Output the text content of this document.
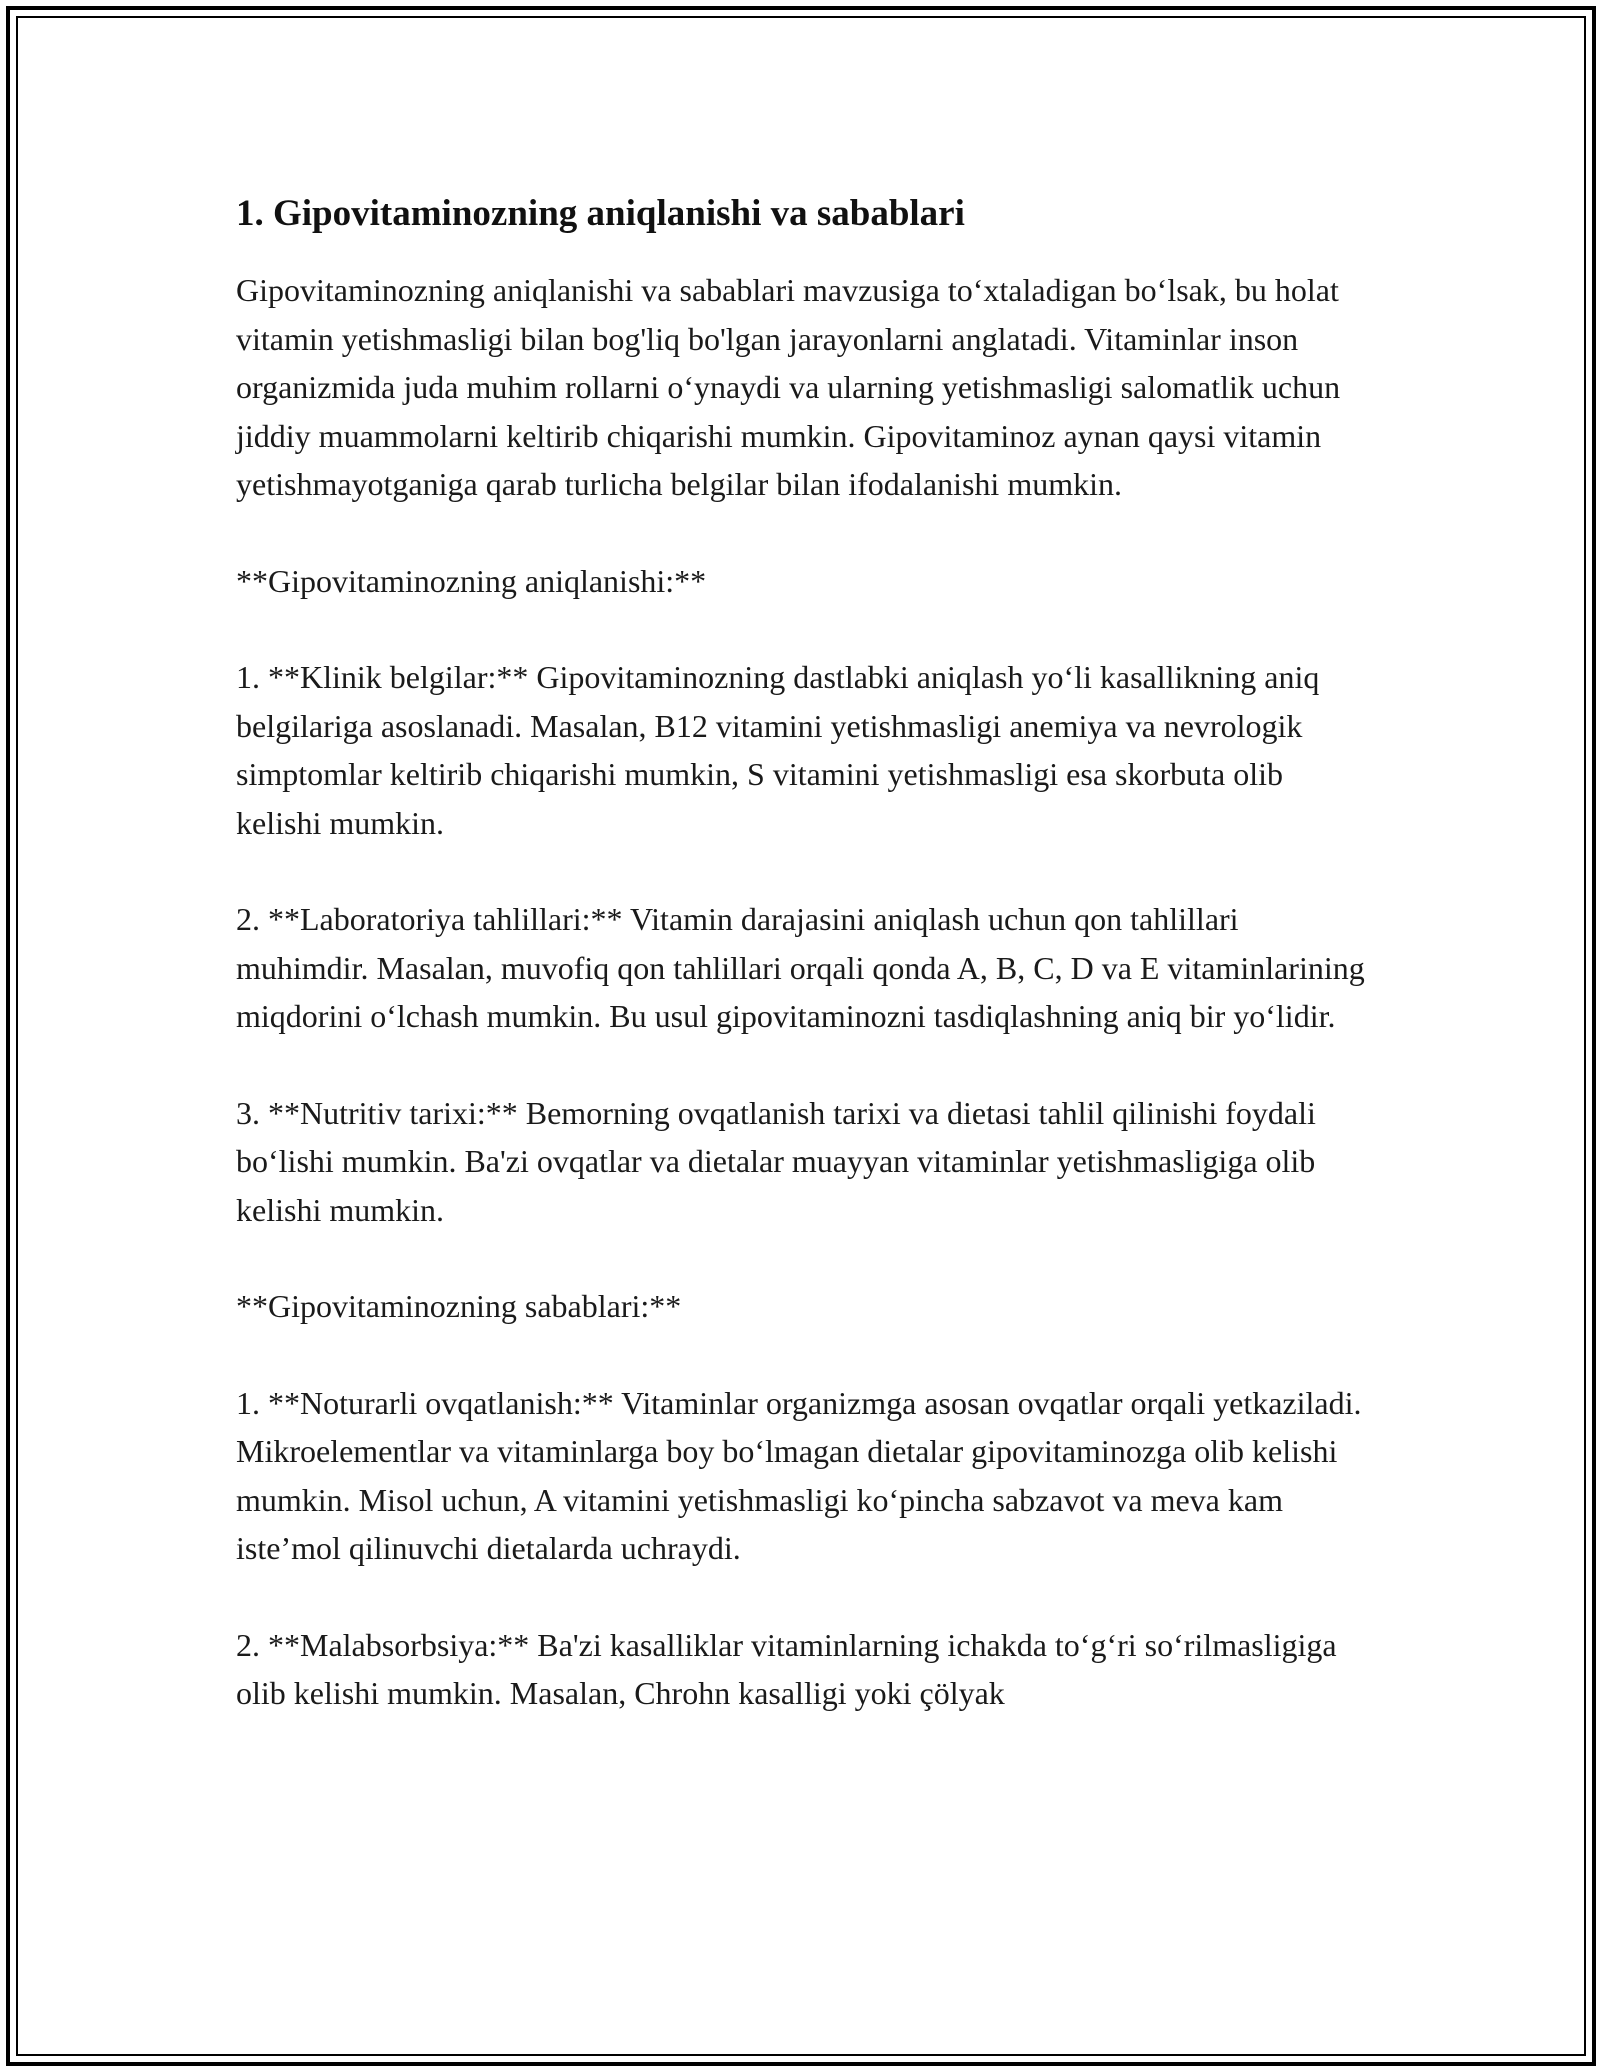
1. Gipovitaminozning aniqlanishi va sabablari

Gipovitaminozning aniqlanishi va sabablari mavzusiga to‘xtaladigan bo‘lsak, bu holat vitamin yetishmasligi bilan bog'liq bo'lgan jarayonlarni anglatadi. Vitaminlar inson organizmida juda muhim rollarni o‘ynaydi va ularning yetishmasligi salomatlik uchun jiddiy muammolarni keltirib chiqarishi mumkin. Gipovitaminoz aynan qaysi vitamin yetishmayotganiga qarab turlicha belgilar bilan ifodalanishi mumkin.

**Gipovitaminozning aniqlanishi:**

1. **Klinik belgilar:** Gipovitaminozning dastlabki aniqlash yo‘li kasallikning aniq belgilariga asoslanadi. Masalan, B12 vitamini yetishmasligi anemiya va nevrologik simptomlar keltirib chiqarishi mumkin, S vitamini yetishmasligi esa skorbuta olib kelishi mumkin.

2. **Laboratoriya tahlillari:** Vitamin darajasini aniqlash uchun qon tahlillari muhimdir. Masalan, muvofiq qon tahlillari orqali qonda A, B, C, D va E vitaminlarining miqdorini o‘lchash mumkin. Bu usul gipovitaminozni tasdiqlashning aniq bir yo‘lidir.

3. **Nutritiv tarixi:** Bemorning ovqatlanish tarixi va dietasi tahlil qilinishi foydali bo‘lishi mumkin. Ba'zi ovqatlar va dietalar muayyan vitaminlar yetishmasligiga olib kelishi mumkin.

**Gipovitaminozning sabablari:**

1. **Noturarli ovqatlanish:** Vitaminlar organizmga asosan ovqatlar orqali yetkaziladi. Mikroelementlar va vitaminlarga boy bo‘lmagan dietalar gipovitaminozga olib kelishi mumkin. Misol uchun, A vitamini yetishmasligi ko‘pincha sabzavot va meva kam iste’mol qilinuvchi dietalarda uchraydi.

2. **Malabsorbsiya:** Ba'zi kasalliklar vitaminlarning ichakda to‘g‘ri so‘rilmasligiga olib kelishi mumkin. Masalan, Chrohn kasalligi yoki çölyak
